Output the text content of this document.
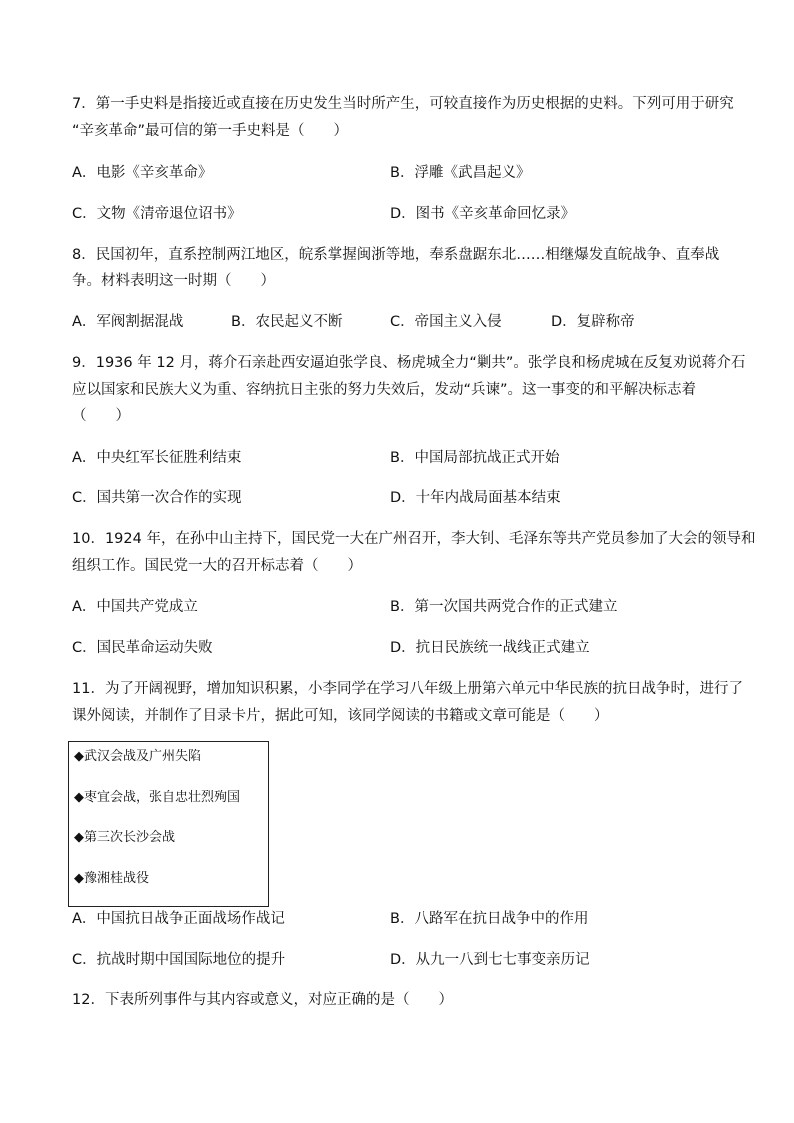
7．第一手史料是指接近或直接在历史发生当时所产生，可较直接作为历史根据的史料。下列可用于研究
“辛亥革命”最可信的第一手史料是（　　）
A．电影《辛亥革命》	B．浮雕《武昌起义》
C．文物《清帝退位诏书》	D．图书《辛亥革命回忆录》
8．民国初年，直系控制两江地区，皖系掌握闽浙等地，奉系盘踞东北……相继爆发直皖战争、直奉战
争。材料表明这一时期（　　）
A．军阀割据混战	B．农民起义不断	C．帝国主义入侵	D．复辟称帝
9．1936 年 12 月，蒋介石亲赴西安逼迫张学良、杨虎城全力“剿共”。张学良和杨虎城在反复劝说蒋介石
应以国家和民族大义为重、容纳抗日主张的努力失效后，发动“兵谏”。这一事变的和平解决标志着
（　　）
A．中央红军长征胜利结束	B．中国局部抗战正式开始
C．国共第一次合作的实现	D．十年内战局面基本结束
10．1924 年，在孙中山主持下，国民党一大在广州召开，李大钊、毛泽东等共产党员参加了大会的领导和
组织工作。国民党一大的召开标志着（　　）
A．中国共产党成立	B．第一次国共两党合作的正式建立
C．国民革命运动失败	D．抗日民族统一战线正式建立
11．为了开阔视野，增加知识积累，小李同学在学习八年级上册第六单元中华民族的抗日战争时，进行了
课外阅读，并制作了目录卡片，据此可知，该同学阅读的书籍或文章可能是（　　）
◆武汉会战及广州失陷
◆枣宜会战，张自忠壮烈殉国
◆第三次长沙会战
◆豫湘桂战役
A．中国抗日战争正面战场作战记	B．八路军在抗日战争中的作用
C．抗战时期中国国际地位的提升	D．从九一八到七七事变亲历记
12．下表所列事件与其内容或意义，对应正确的是（　　）
